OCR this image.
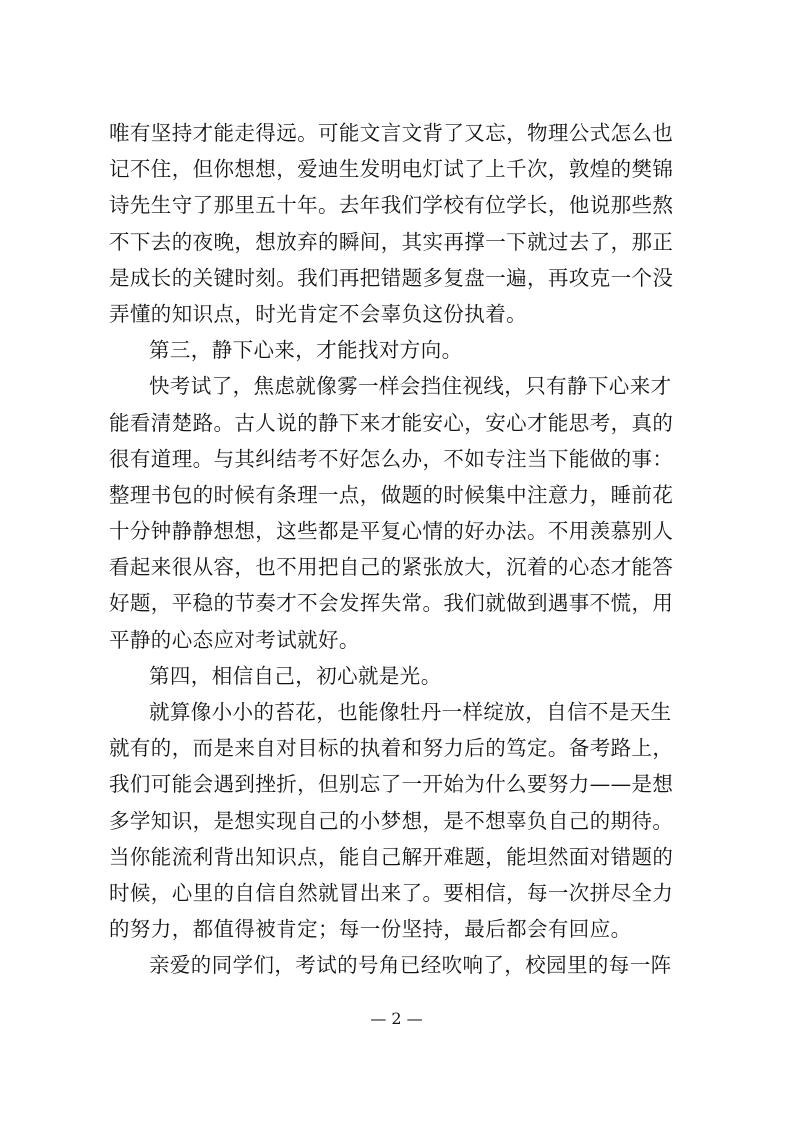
唯有坚持才能走得远。可能文言文背了又忘，物理公式怎么也
记不住，但你想想，爱迪生发明电灯试了上千次，敦煌的樊锦
诗先生守了那里五十年。去年我们学校有位学长，他说那些熬
不下去的夜晚，想放弃的瞬间，其实再撑一下就过去了，那正
是成长的关键时刻。我们再把错题多复盘一遍，再攻克一个没
弄懂的知识点，时光肯定不会辜负这份执着。
第三，静下心来，才能找对方向。
快考试了，焦虑就像雾一样会挡住视线，只有静下心来才
能看清楚路。古人说的静下来才能安心，安心才能思考，真的
很有道理。与其纠结考不好怎么办，不如专注当下能做的事：
整理书包的时候有条理一点，做题的时候集中注意力，睡前花
十分钟静静想想，这些都是平复心情的好办法。不用羡慕别人
看起来很从容，也不用把自己的紧张放大，沉着的心态才能答
好题，平稳的节奏才不会发挥失常。我们就做到遇事不慌，用
平静的心态应对考试就好。
第四，相信自己，初心就是光。
就算像小小的苔花，也能像牡丹一样绽放，自信不是天生
就有的，而是来自对目标的执着和努力后的笃定。备考路上，
我们可能会遇到挫折，但别忘了一开始为什么要努力——是想
多学知识，是想实现自己的小梦想，是不想辜负自己的期待。
当你能流利背出知识点，能自己解开难题，能坦然面对错题的
时候，心里的自信自然就冒出来了。要相信，每一次拼尽全力
的努力，都值得被肯定；每一份坚持，最后都会有回应。
亲爱的同学们，考试的号角已经吹响了，校园里的每一阵
— 2 —
